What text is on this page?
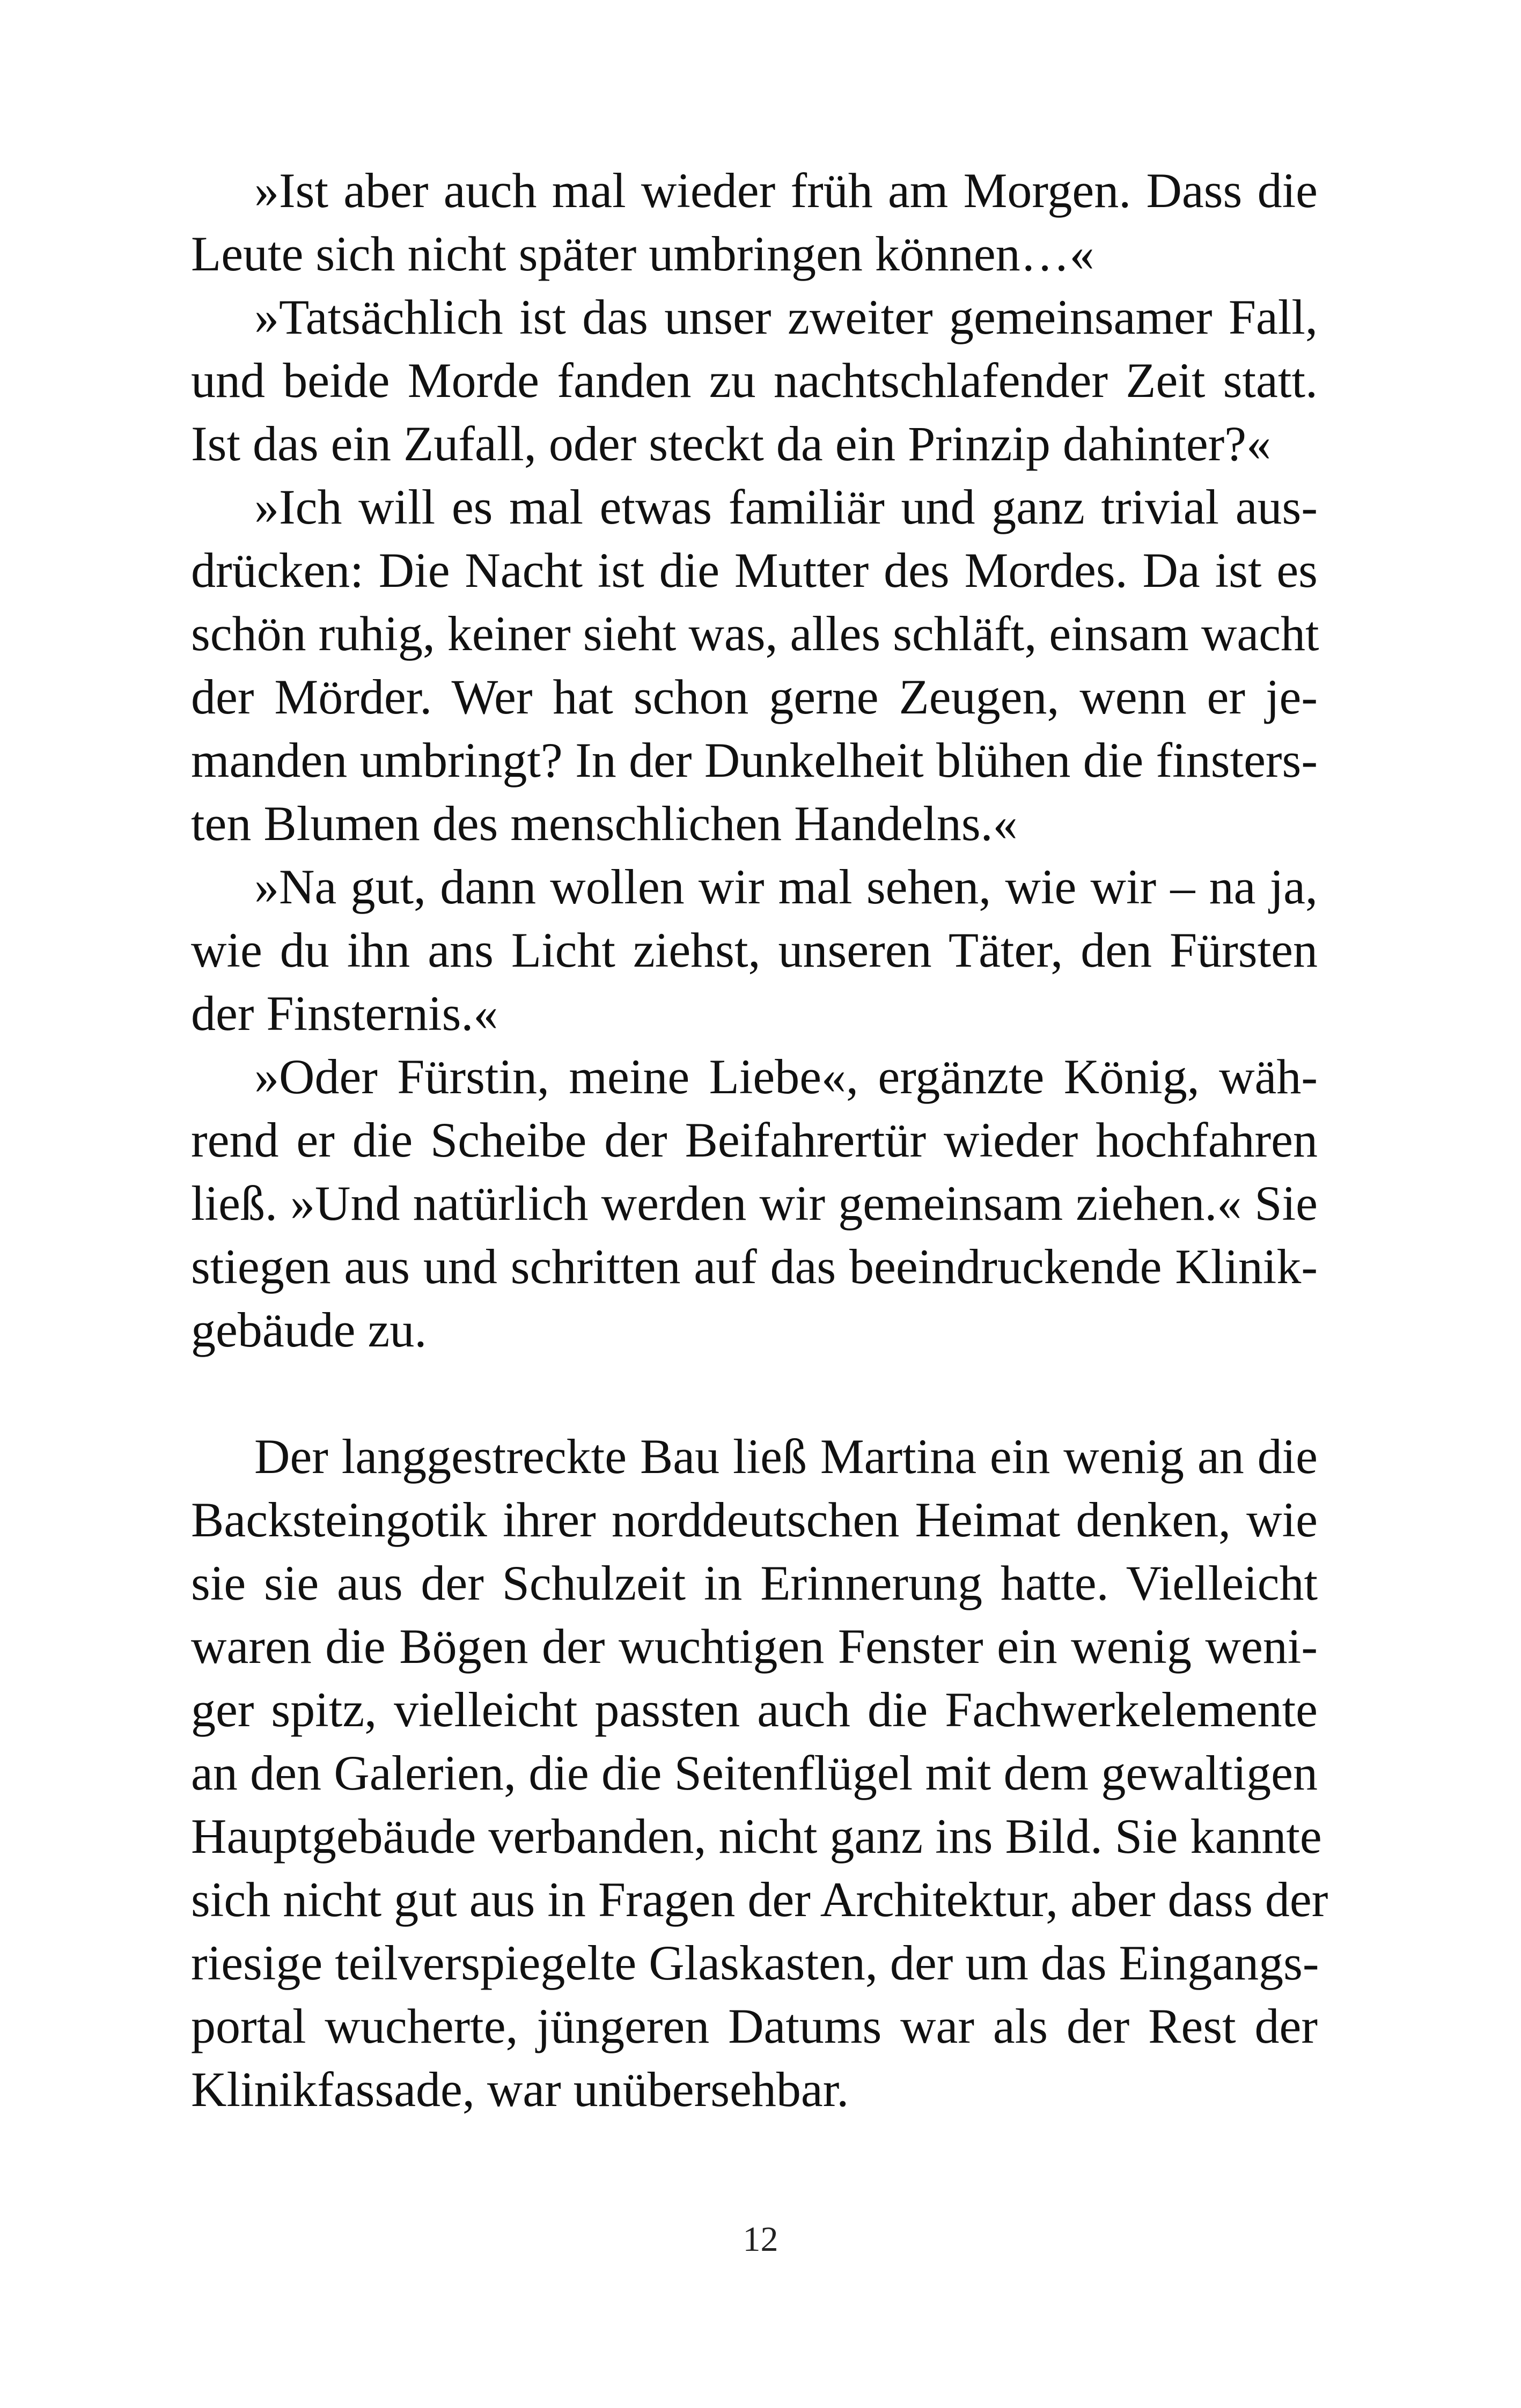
»Ist aber auch mal wieder früh am Morgen. Dass die
Leute sich nicht später umbringen können…«
»Tatsächlich ist das unser zweiter gemeinsamer Fall,
und beide Morde fanden zu nachtschlafender Zeit statt.
Ist das ein Zufall, oder steckt da ein Prinzip dahinter?«
»Ich will es mal etwas familiär und ganz trivial aus-
drücken: Die Nacht ist die Mutter des Mordes. Da ist es
schön ruhig, keiner sieht was, alles schläft, einsam wacht
der Mörder. Wer hat schon gerne Zeugen, wenn er je-
manden umbringt? In der Dunkelheit blühen die finsters-
ten Blumen des menschlichen Handelns.«
»Na gut, dann wollen wir mal sehen, wie wir – na ja,
wie du ihn ans Licht ziehst, unseren Täter, den Fürsten
der Finsternis.«
»Oder Fürstin, meine Liebe«, ergänzte König, wäh-
rend er die Scheibe der Beifahrertür wieder hochfahren
ließ. »Und natürlich werden wir gemeinsam ziehen.« Sie
stiegen aus und schritten auf das beeindruckende Klinik-
gebäude zu.
Der langgestreckte Bau ließ Martina ein wenig an die
Backsteingotik ihrer norddeutschen Heimat denken, wie
sie sie aus der Schulzeit in Erinnerung hatte. Vielleicht
waren die Bögen der wuchtigen Fenster ein wenig weni-
ger spitz, vielleicht passten auch die Fachwerkelemente
an den Galerien, die die Seitenflügel mit dem gewaltigen
Hauptgebäude verbanden, nicht ganz ins Bild. Sie kannte
sich nicht gut aus in Fragen der Architektur, aber dass der
riesige teilverspiegelte Glaskasten, der um das Eingangs-
portal wucherte, jüngeren Datums war als der Rest der
Klinikfassade, war unübersehbar.
12
